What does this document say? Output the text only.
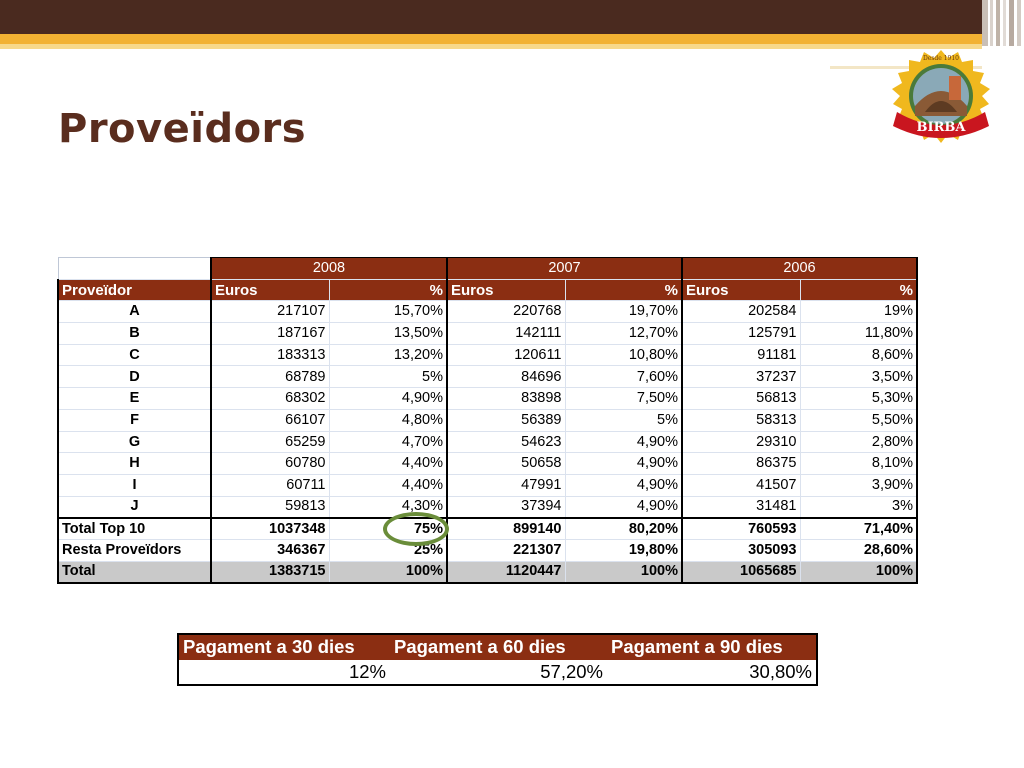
Proveïdors	BIRBA
Desde 1910
	2008		2007		2006	
Proveïdor	Euros	%	Euros	%	Euros	%
A	217107	15,70%	220768	19,70%	202584	19%
B	187167	13,50%	142111	12,70%	125791	11,80%
C	183313	13,20%	120611	10,80%	91181	8,60%
D	68789	5%	84696	7,60%	37237	3,50%
E	68302	4,90%	83898	7,50%	56813	5,30%
F	66107	4,80%	56389	5%	58313	5,50%
G	65259	4,70%	54623	4,90%	29310	2,80%
H	60780	4,40%	50658	4,90%	86375	8,10%
I	60711	4,40%	47991	4,90%	41507	3,90%
J	59813	4,30%	37394	4,90%	31481	3%
Total Top 10	1037348	75%	899140	80,20%	760593	71,40%
Resta Proveïdors	346367	25%	221307	19,80%	305093	28,60%
Total	1383715	100%	1120447	100%	1065685	100%
Pagament a 30 dies	Pagament a 60 dies	Pagament a 90 dies
12%	57,20%	30,80%
